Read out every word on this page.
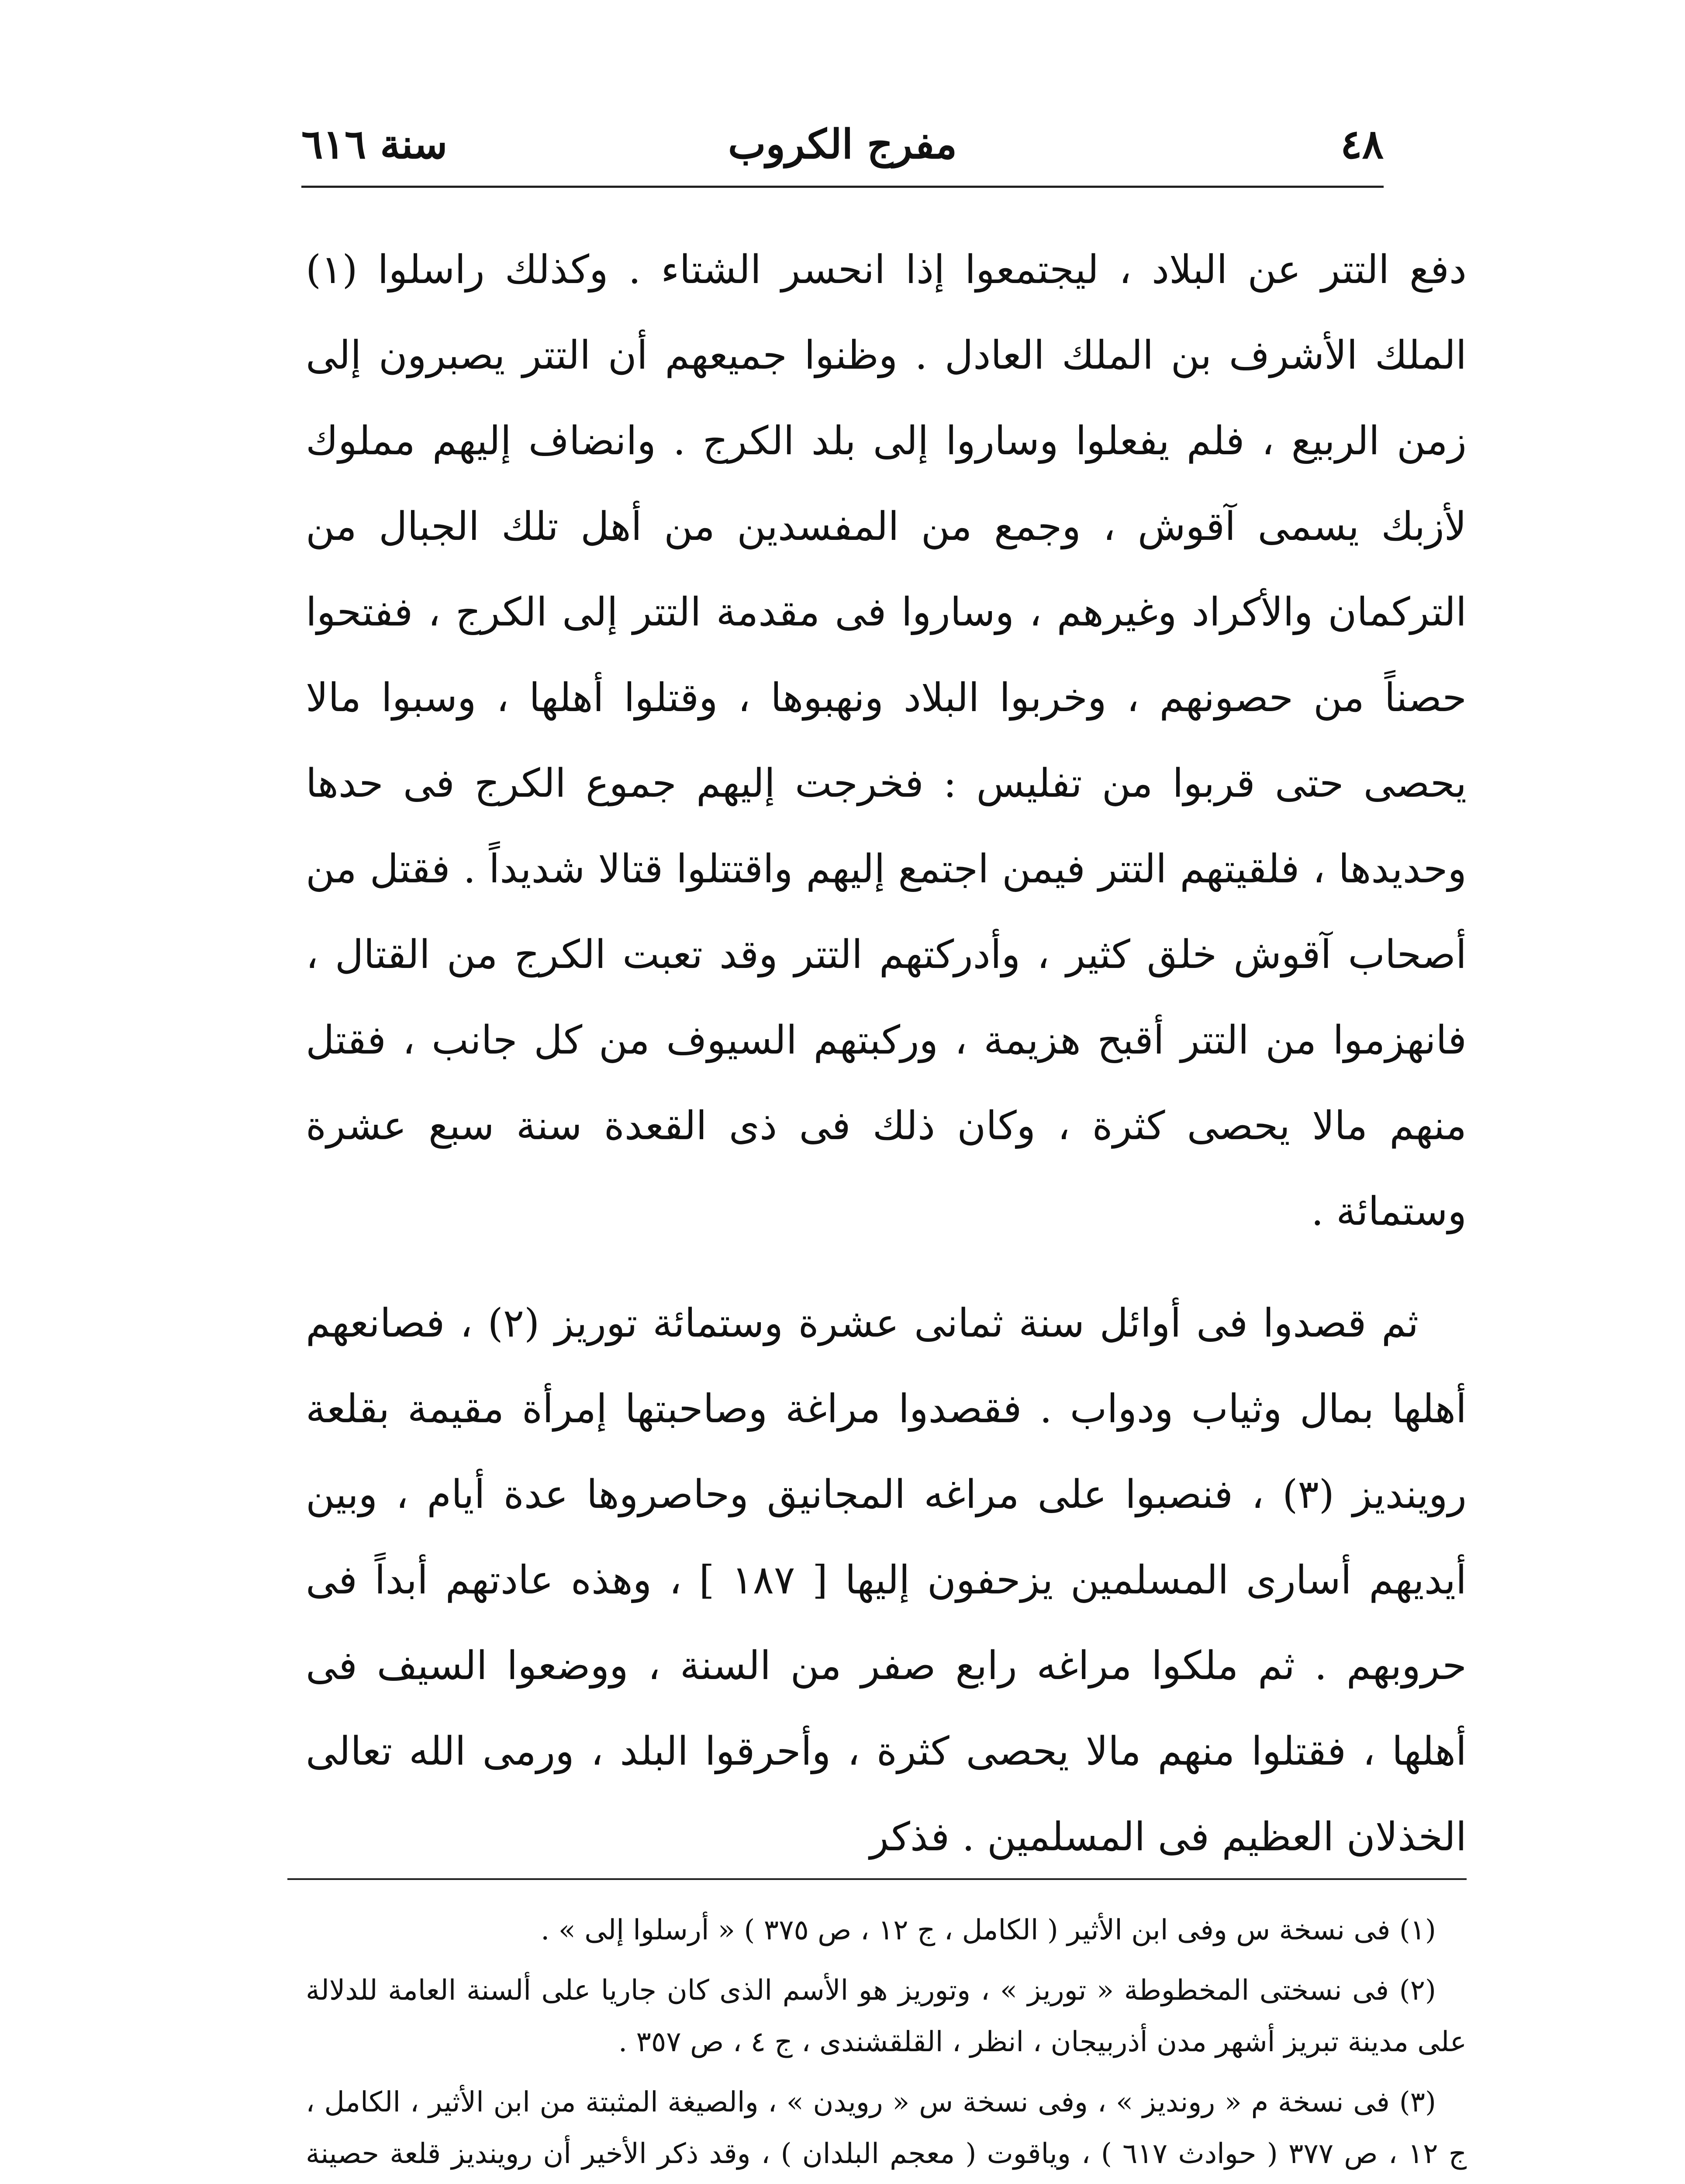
٤٨
مفرج الكروب
سنة ٦١٦

دفع التتر عن البلاد ، ليجتمعوا إذا انحسر الشتاء . وكذلك راسلوا (١) الملك الأشرف بن الملك العادل . وظنوا جميعهم أن التتر يصبرون إلى زمن الربيع ، فلم يفعلوا وساروا إلى بلد الكرج . وانضاف إليهم مملوك لأزبك يسمى آقوش ، وجمع من المفسدين من أهل تلك الجبال من التركمان والأكراد وغيرهم ، وساروا فى مقدمة التتر إلى الكرج ، ففتحوا حصناً من حصونهم ، وخربوا البلاد ونهبوها ، وقتلوا أهلها ، وسبوا مالا يحصى حتى قربوا من تفليس : فخرجت إليهم جموع الكرج فى حدها وحديدها ، فلقيتهم التتر فيمن اجتمع إليهم واقتتلوا قتالا شديداً . فقتل من أصحاب آقوش خلق كثير ، وأدركتهم التتر وقد تعبت الكرج من القتال ، فانهزموا من التتر أقبح هزيمة ، وركبتهم السيوف من كل جانب ، فقتل منهم مالا يحصى كثرة ، وكان ذلك فى ذى القعدة سنة سبع عشرة وستمائة .

ثم قصدوا فى أوائل سنة ثمانى عشرة وستمائة توريز (٢) ، فصانعهم أهلها بمال وثياب ودواب . فقصدوا مراغة وصاحبتها إمرأة مقيمة بقلعة روينديز (٣) ، فنصبوا على مراغه المجانيق وحاصروها عدة أيام ، وبين أيديهم أسارى المسلمين يزحفون إليها [ ١٨٧ ] ، وهذه عادتهم أبداً فى حروبهم . ثم ملكوا مراغه رابع صفر من السنة ، ووضعوا السيف فى أهلها ، فقتلوا منهم مالا يحصى كثرة ، وأحرقوا البلد ، ورمى الله تعالى الخذلان العظيم فى المسلمين . فذكر

(١) فى نسخة س وفى ابن الأثير ( الكامل ، ج ١٢ ، ص ٣٧٥ ) « أرسلوا إلى » .

(٢) فى نسختى المخطوطة « توريز » ، وتوريز هو الأسم الذى كان جاريا على ألسنة العامة للدلالة على مدينة تبريز أشهر مدن أذربيجان ، انظر ، القلقشندى ، ج ٤ ، ص ٣٥٧ .

(٣) فى نسخة م « رونديز » ، وفى نسخة س « رويدن » ، والصيغة المثبتة من ابن الأثير ، الكامل ، ج ١٢ ، ص ٣٧٧ ( حوادث ٦١٧ ) ، وياقوت ( معجم البلدان ) ، وقد ذكر الأخير أن روينديز قلعة حصينة
